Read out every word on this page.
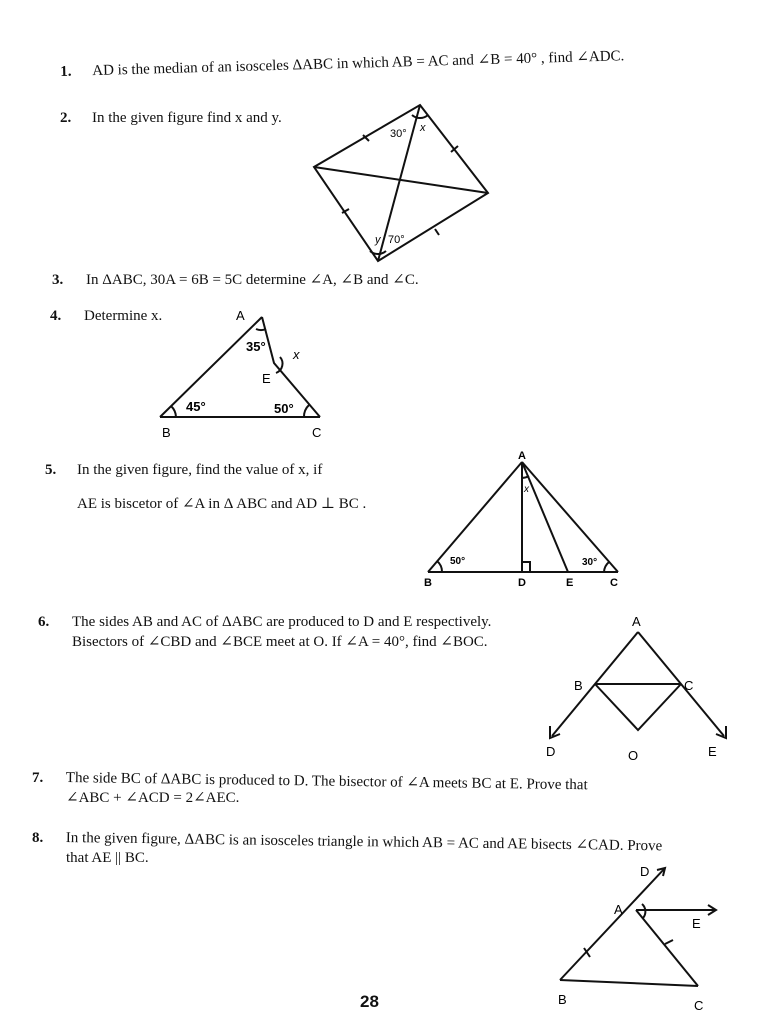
1. AD is the median of an isosceles ΔABC in which AB = AC and ∠B = 40° , find ∠ADC.
2. In the given figure find x and y.
30° x
y 70°
3. In ΔABC, 30A = 6B = 5C determine ∠A, ∠B and ∠C.
4. Determine x.	A
B	C
E
35°
45°	50°
x
5. In the given figure, find the value of x, if
AE is biscetor of ∠A in Δ ABC and AD ⊥ BC .
A
B	D	E	C
50°	30°
x
6. The sides AB and AC of ΔABC are produced to D and E respectively.
Bisectors of ∠CBD and ∠BCE meet at O. If ∠A = 40°, find ∠BOC.
A
B	C
D	O	E
7. The side BC of ΔABC is produced to D. The bisector of ∠A meets BC at E. Prove that
∠ABC + ∠ACD = 2∠AEC.
8. In the given figure, ΔABC is an isosceles triangle in which AB = AC and AE bisects ∠CAD. Prove
that AE || BC.
A
D
E
B	C
28
